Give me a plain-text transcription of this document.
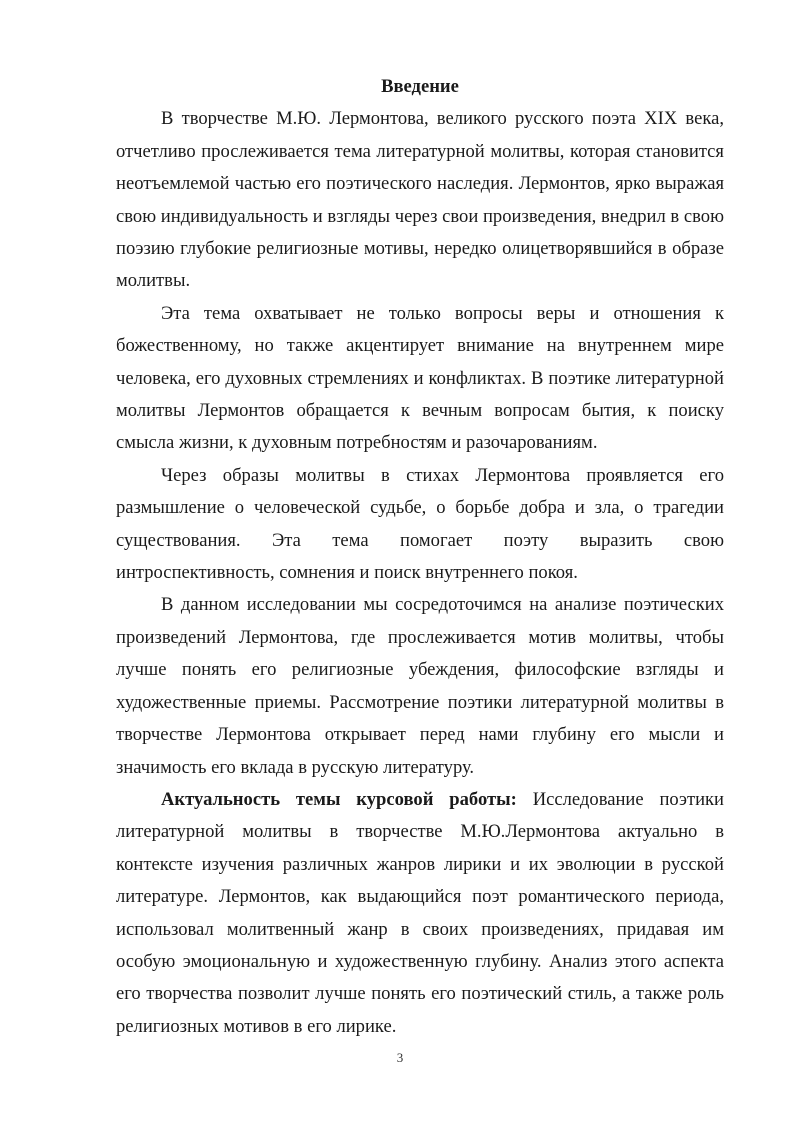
Введение

В творчестве М.Ю. Лермонтова, великого русского поэта XIX века, отчетливо прослеживается тема литературной молитвы, которая становится неотъемлемой частью его поэтического наследия. Лермонтов, ярко выражая свою индивидуальность и взгляды через свои произведения, внедрил в свою поэзию глубокие религиозные мотивы, нередко олицетворявшийся в образе молитвы.

Эта тема охватывает не только вопросы веры и отношения к божественному, но также акцентирует внимание на внутреннем мире человека, его духовных стремлениях и конфликтах. В поэтике литературной молитвы Лермонтов обращается к вечным вопросам бытия, к поиску смысла жизни, к духовным потребностям и разочарованиям.

Через образы молитвы в стихах Лермонтова проявляется его размышление о человеческой судьбе, о борьбе добра и зла, о трагедии существования. Эта тема помогает поэту выразить свою интроспективность, сомнения и поиск внутреннего покоя.

В данном исследовании мы сосредоточимся на анализе поэтических произведений Лермонтова, где прослеживается мотив молитвы, чтобы лучше понять его религиозные убеждения, философские взгляды и художественные приемы. Рассмотрение поэтики литературной молитвы в творчестве Лермонтова открывает перед нами глубину его мысли и значимость его вклада в русскую литературу.

Актуальность темы курсовой работы: Исследование поэтики литературной молитвы в творчестве М.Ю.Лермонтова актуально в контексте изучения различных жанров лирики и их эволюции в русской литературе. Лермонтов, как выдающийся поэт романтического периода, использовал молитвенный жанр в своих произведениях, придавая им особую эмоциональную и художественную глубину. Анализ этого аспекта его творчества позволит лучше понять его поэтический стиль, а также роль религиозных мотивов в его лирике.

3
